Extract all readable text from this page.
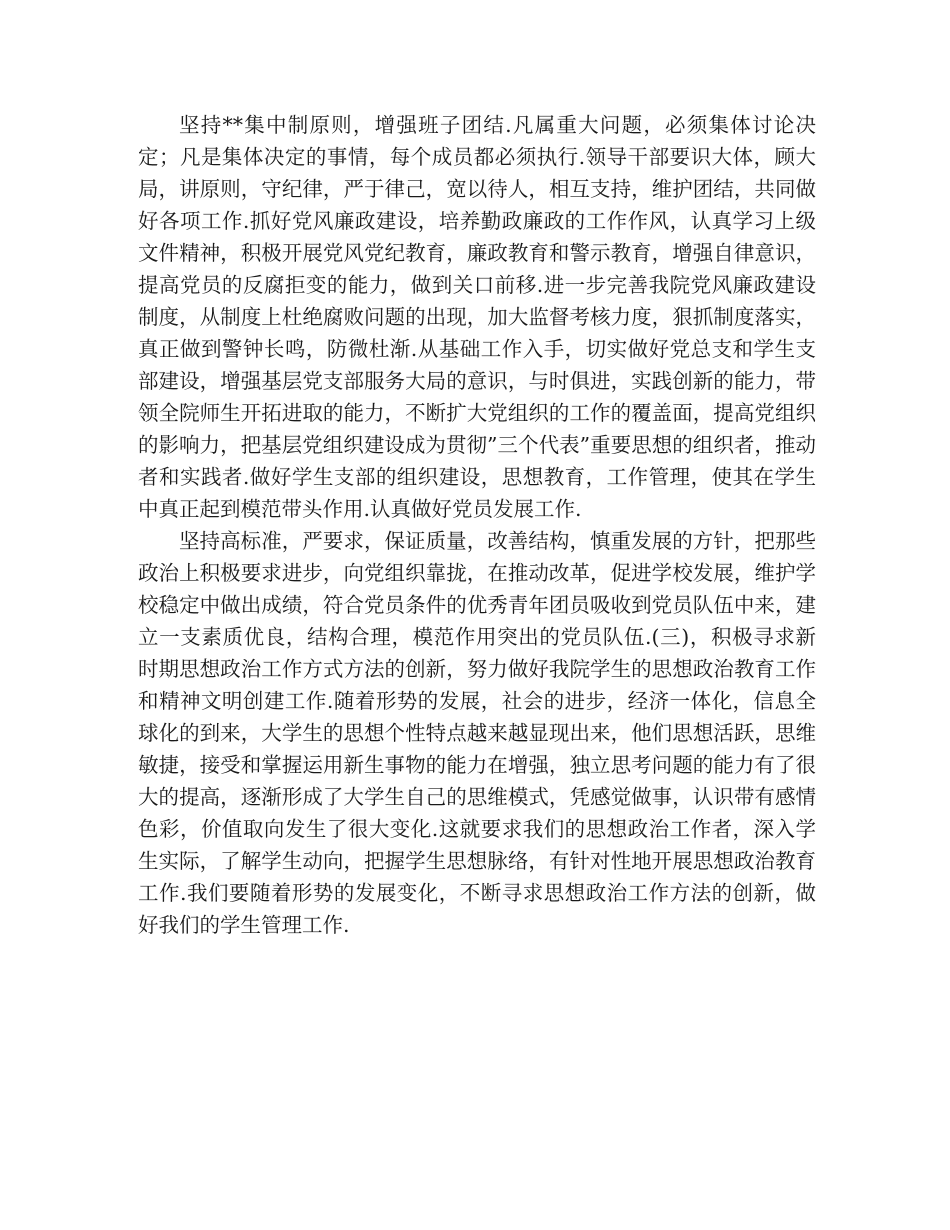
坚持**集中制原则，增强班子团结.凡属重大问题，必须集体讨论决定；凡是集体决定的事情，每个成员都必须执行.领导干部要识大体，顾大局，讲原则，守纪律，严于律己，宽以待人，相互支持，维护团结，共同做好各项工作.抓好党风廉政建设，培养勤政廉政的工作作风，认真学习上级文件精神，积极开展党风党纪教育，廉政教育和警示教育，增强自律意识，提高党员的反腐拒变的能力，做到关口前移.进一步完善我院党风廉政建设制度，从制度上杜绝腐败问题的出现，加大监督考核力度，狠抓制度落实，真正做到警钟长鸣，防微杜渐.从基础工作入手，切实做好党总支和学生支部建设，增强基层党支部服务大局的意识，与时俱进，实践创新的能力，带领全院师生开拓进取的能力，不断扩大党组织的工作的覆盖面，提高党组织的影响力，把基层党组织建设成为贯彻”三个代表”重要思想的组织者，推动者和实践者.做好学生支部的组织建设，思想教育，工作管理，使其在学生中真正起到模范带头作用.认真做好党员发展工作.

坚持高标准，严要求，保证质量，改善结构，慎重发展的方针，把那些政治上积极要求进步，向党组织靠拢，在推动改革，促进学校发展，维护学校稳定中做出成绩，符合党员条件的优秀青年团员吸收到党员队伍中来，建立一支素质优良，结构合理，模范作用突出的党员队伍.(三)，积极寻求新时期思想政治工作方式方法的创新，努力做好我院学生的思想政治教育工作和精神文明创建工作.随着形势的发展，社会的进步，经济一体化，信息全球化的到来，大学生的思想个性特点越来越显现出来，他们思想活跃，思维敏捷，接受和掌握运用新生事物的能力在增强，独立思考问题的能力有了很大的提高，逐渐形成了大学生自己的思维模式，凭感觉做事，认识带有感情色彩，价值取向发生了很大变化.这就要求我们的思想政治工作者，深入学生实际，了解学生动向，把握学生思想脉络，有针对性地开展思想政治教育工作.我们要随着形势的发展变化，不断寻求思想政治工作方法的创新，做好我们的学生管理工作.
